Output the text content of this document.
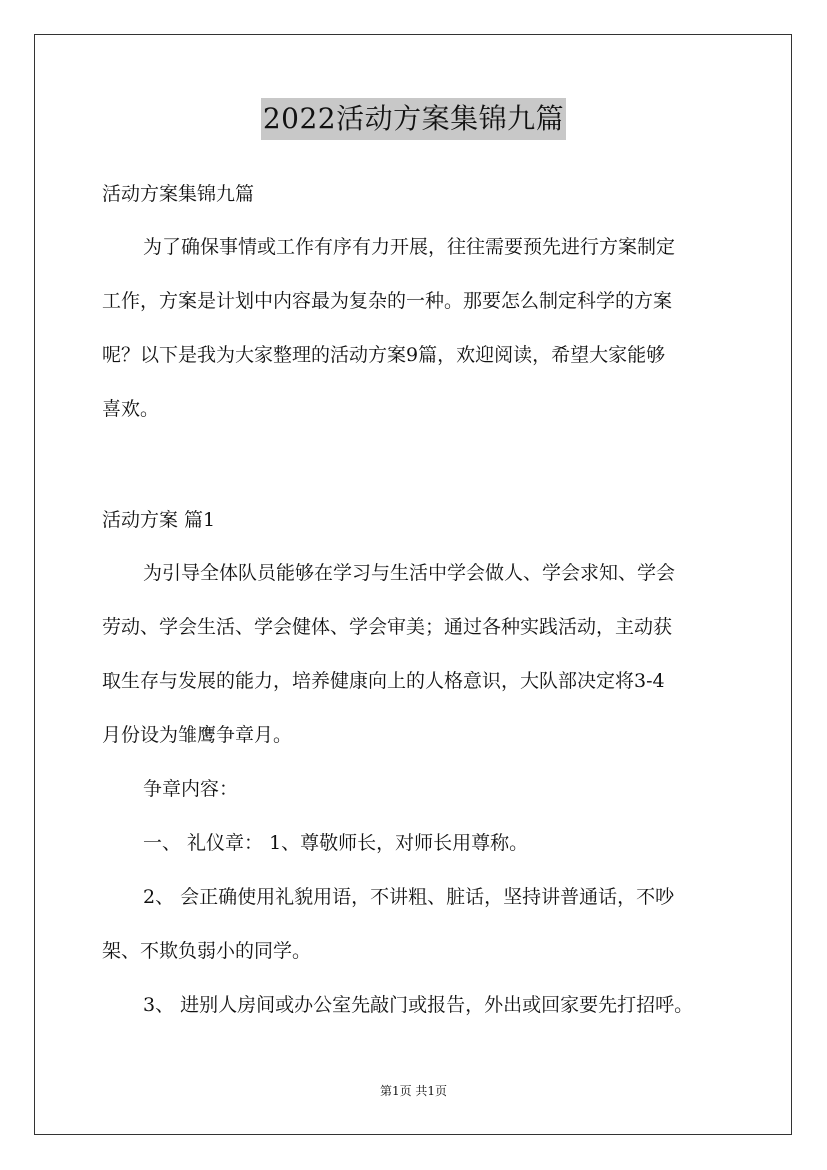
2022活动方案集锦九篇
活动方案集锦九篇
为了确保事情或工作有序有力开展，往往需要预先进行方案制定
工作，方案是计划中内容最为复杂的一种。那要怎么制定科学的方案
呢？以下是我为大家整理的活动方案9篇，欢迎阅读，希望大家能够
喜欢。
活动方案 篇1
为引导全体队员能够在学习与生活中学会做人、学会求知、学会
劳动、学会生活、学会健体、学会审美；通过各种实践活动，主动获
取生存与发展的能力，培养健康向上的人格意识，大队部决定将3-4
月份设为雏鹰争章月。
争章内容：
一、 礼仪章： 1、尊敬师长，对师长用尊称。
2、 会正确使用礼貌用语，不讲粗、脏话，坚持讲普通话，不吵
架、不欺负弱小的同学。
3、 进别人房间或办公室先敲门或报告，外出或回家要先打招呼。
第1页 共1页
